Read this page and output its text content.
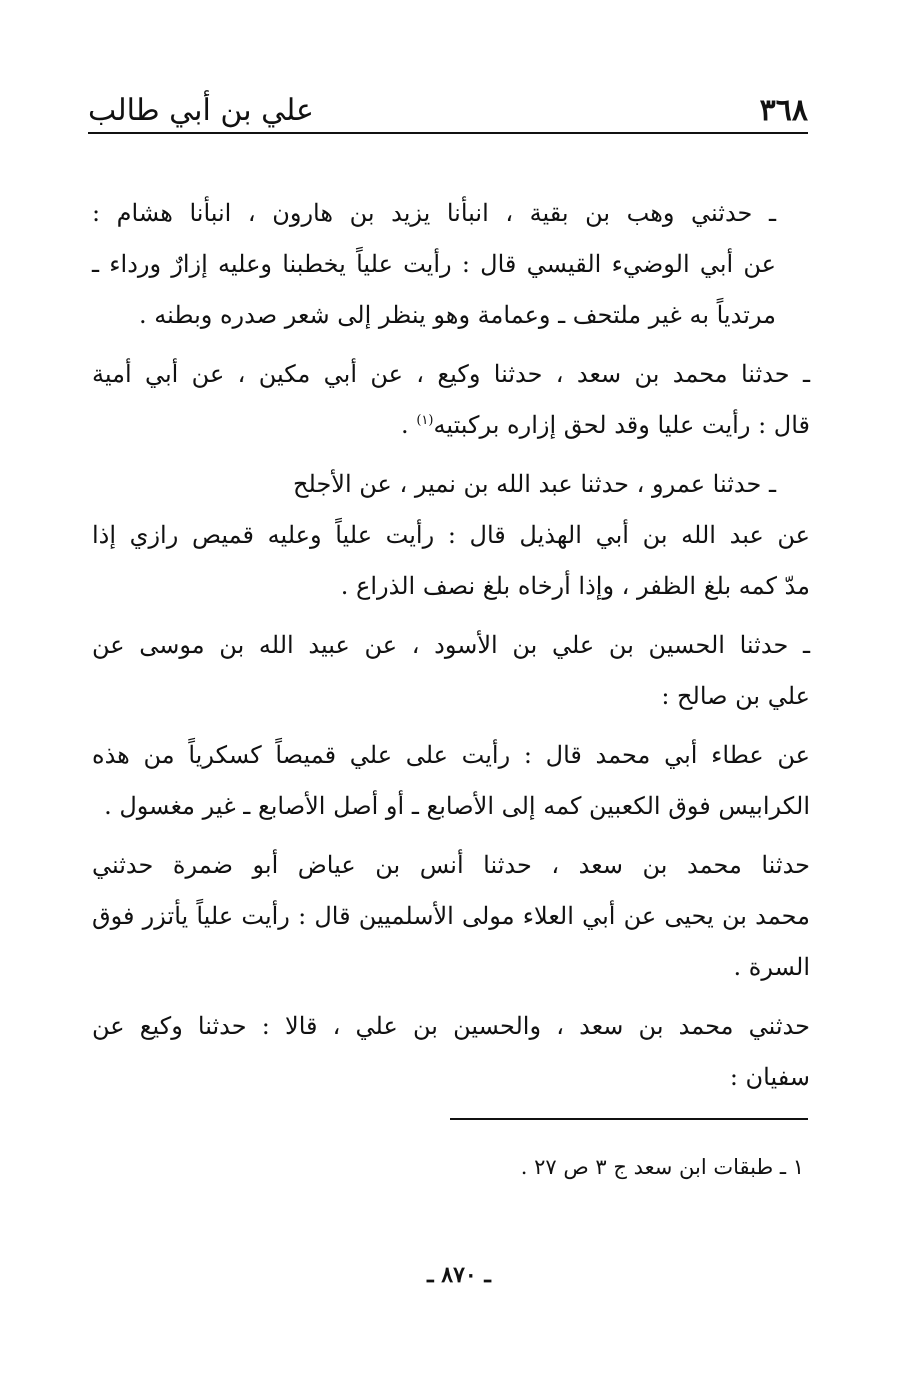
٣٦٨
علي بن أبي طالب
ـ حدثني وهب بن بقية ، انبأنا يزيد بن هارون ، انبأنا هشام :
عن أبي الوضيء القيسي قال : رأيت علياً يخطبنا وعليه إزارٌ ورداء ـ
مرتدياً به غير ملتحف ـ وعمامة وهو ينظر إلى شعر صدره وبطنه .
ـ حدثنا محمد بن سعد ، حدثنا وكيع ، عن أبي مكين ، عن أبي أمية
قال : رأيت عليا وقد لحق إزاره بركبتيه$^{(١)}$ .
ـ حدثنا عمرو ، حدثنا عبد الله بن نمير ، عن الأجلح
عن عبد الله بن أبي الهذيل قال : رأيت علياً وعليه قميص رازي إذا
مدّ كمه بلغ الظفر ، وإذا أرخاه بلغ نصف الذراع .
ـ حدثنا الحسين بن علي بن الأسود ، عن عبيد الله بن موسى عن
علي بن صالح :
عن عطاء أبي محمد قال : رأيت على علي قميصاً كسكرياً من هذه
الكرابيس فوق الكعبين كمه إلى الأصابع ـ أو أصل الأصابع ـ غير مغسول .
حدثنا محمد بن سعد ، حدثنا أنس بن عياض أبو ضمرة حدثني
محمد بن يحيى عن أبي العلاء مولى الأسلميين قال : رأيت علياً يأتزر فوق
السرة .
حدثني محمد بن سعد ، والحسين بن علي ، قالا : حدثنا وكيع عن
سفيان :
١ ـ طبقات ابن سعد ج ٣ ص ٢٧ .
ـ ٨٧٠ ـ
